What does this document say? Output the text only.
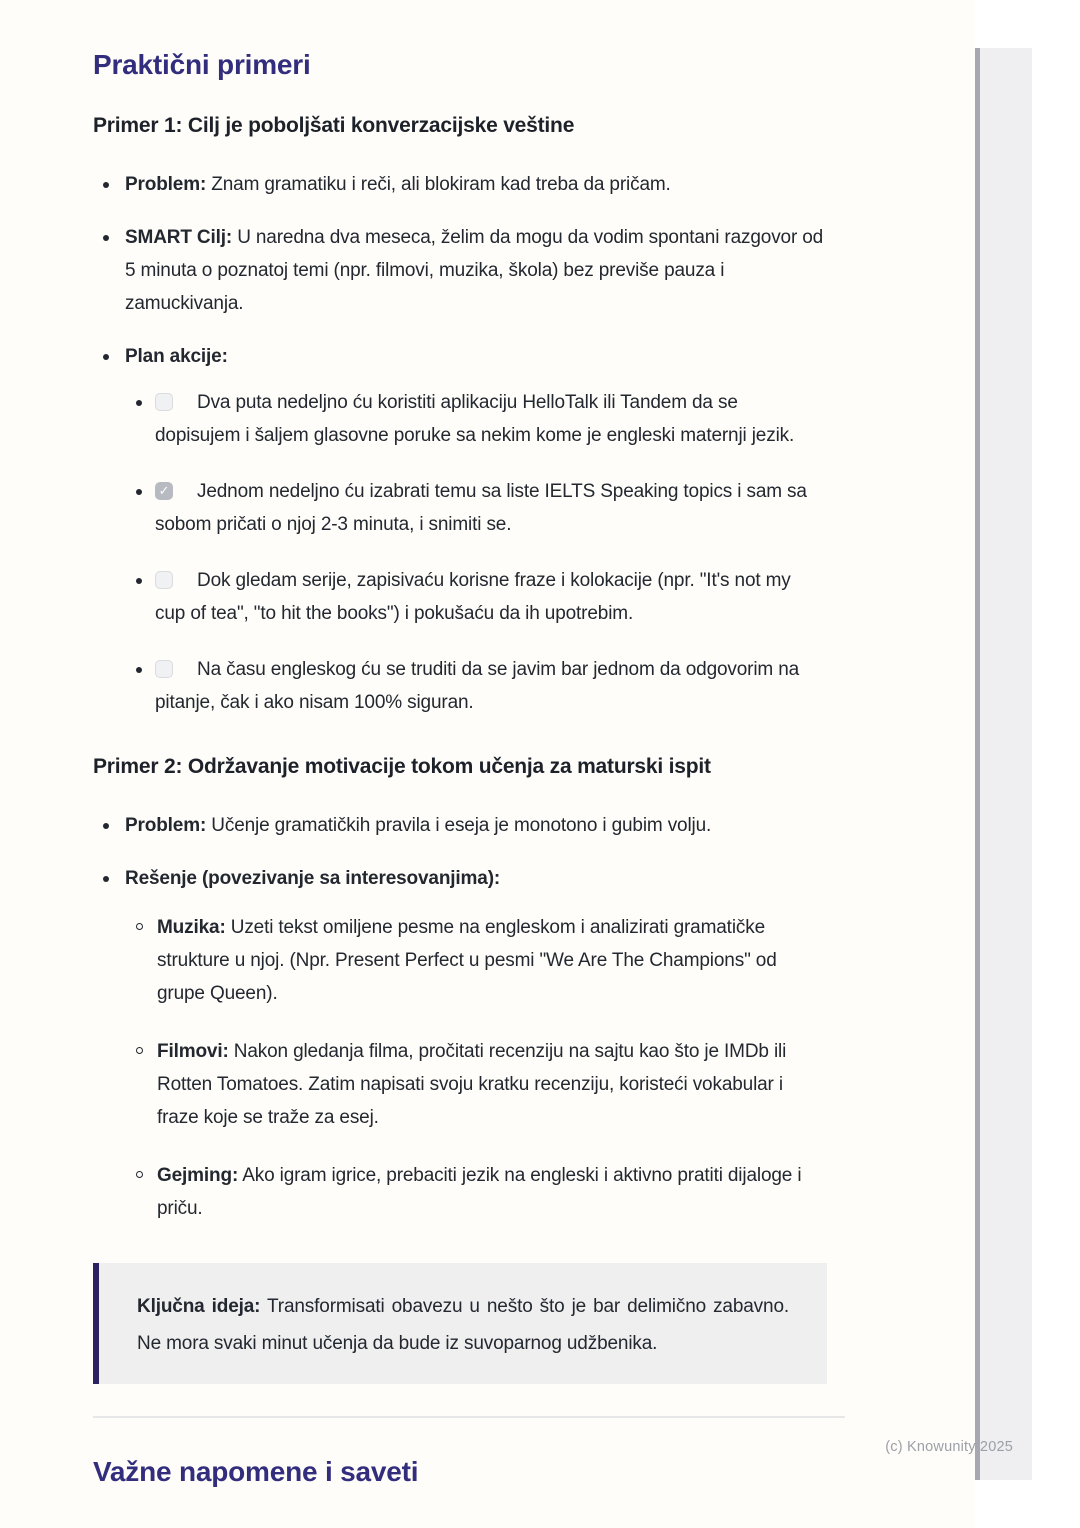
Praktični primeri
Primer 1: Cilj je poboljšati konverzacijske veštine
Problem: Znam gramatiku i reči, ali blokiram kad treba da pričam.
SMART Cilj: U naredna dva meseca, želim da mogu da vodim spontani razgovor od 5 minuta o poznatoj temi (npr. filmovi, muzika, škola) bez previše pauza i zamuckivanja.
Plan akcije:
Dva puta nedeljno ću koristiti aplikaciju HelloTalk ili Tandem da se dopisujem i šaljem glasovne poruke sa nekim kome je engleski maternji jezik.
✓ Jednom nedeljno ću izabrati temu sa liste IELTS Speaking topics i sam sa sobom pričati o njoj 2-3 minuta, i snimiti se.
Dok gledam serije, zapisivaću korisne fraze i kolokacije (npr. "It's not my cup of tea", "to hit the books") i pokušaću da ih upotrebim.
Na času engleskog ću se truditi da se javim bar jednom da odgovorim na pitanje, čak i ako nisam 100% siguran.
Primer 2: Održavanje motivacije tokom učenja za maturski ispit
Problem: Učenje gramatičkih pravila i eseja je monotono i gubim volju.
Rešenje (povezivanje sa interesovanjima):
Muzika: Uzeti tekst omiljene pesme na engleskom i analizirati gramatičke strukture u njoj. (Npr. Present Perfect u pesmi "We Are The Champions" od grupe Queen).
Filmovi: Nakon gledanja filma, pročitati recenziju na sajtu kao što je IMDb ili Rotten Tomatoes. Zatim napisati svoju kratku recenziju, koristeći vokabular i fraze koje se traže za esej.
Gejming: Ako igram igrice, prebaciti jezik na engleski i aktivno pratiti dijaloge i priču.
Ključna ideja: Transformisati obavezu u nešto što je bar delimično zabavno. Ne mora svaki minut učenja da bude iz suvoparnog udžbenika.
Važne napomene i saveti
(c) Knowunity 2025
